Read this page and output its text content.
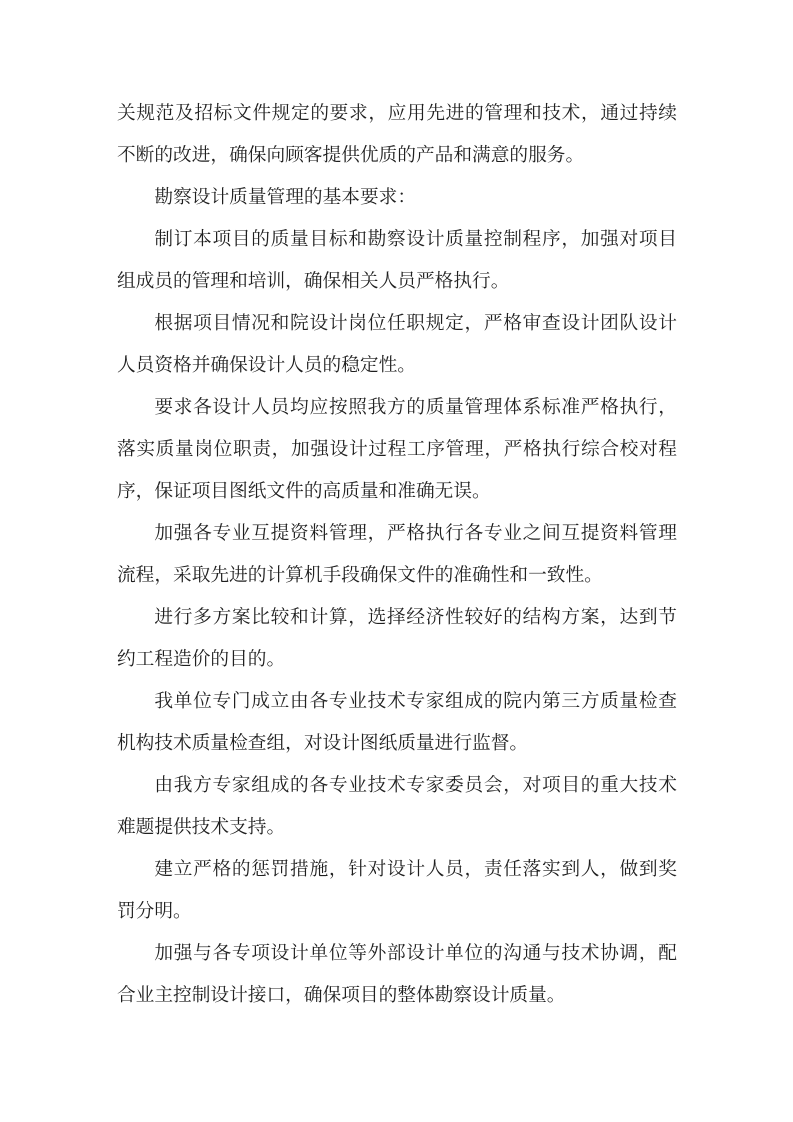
关规范及招标文件规定的要求，应用先进的管理和技术，通过持续不断的改进，确保向顾客提供优质的产品和满意的服务。

勘察设计质量管理的基本要求：

制订本项目的质量目标和勘察设计质量控制程序，加强对项目组成员的管理和培训，确保相关人员严格执行。

根据项目情况和院设计岗位任职规定，严格审查设计团队设计人员资格并确保设计人员的稳定性。

要求各设计人员均应按照我方的质量管理体系标准严格执行，落实质量岗位职责，加强设计过程工序管理，严格执行综合校对程序，保证项目图纸文件的高质量和准确无误。

加强各专业互提资料管理，严格执行各专业之间互提资料管理流程，采取先进的计算机手段确保文件的准确性和一致性。

进行多方案比较和计算，选择经济性较好的结构方案，达到节约工程造价的目的。

我单位专门成立由各专业技术专家组成的院内第三方质量检查机构技术质量检查组，对设计图纸质量进行监督。

由我方专家组成的各专业技术专家委员会，对项目的重大技术难题提供技术支持。

建立严格的惩罚措施，针对设计人员，责任落实到人，做到奖罚分明。

加强与各专项设计单位等外部设计单位的沟通与技术协调，配合业主控制设计接口，确保项目的整体勘察设计质量。
